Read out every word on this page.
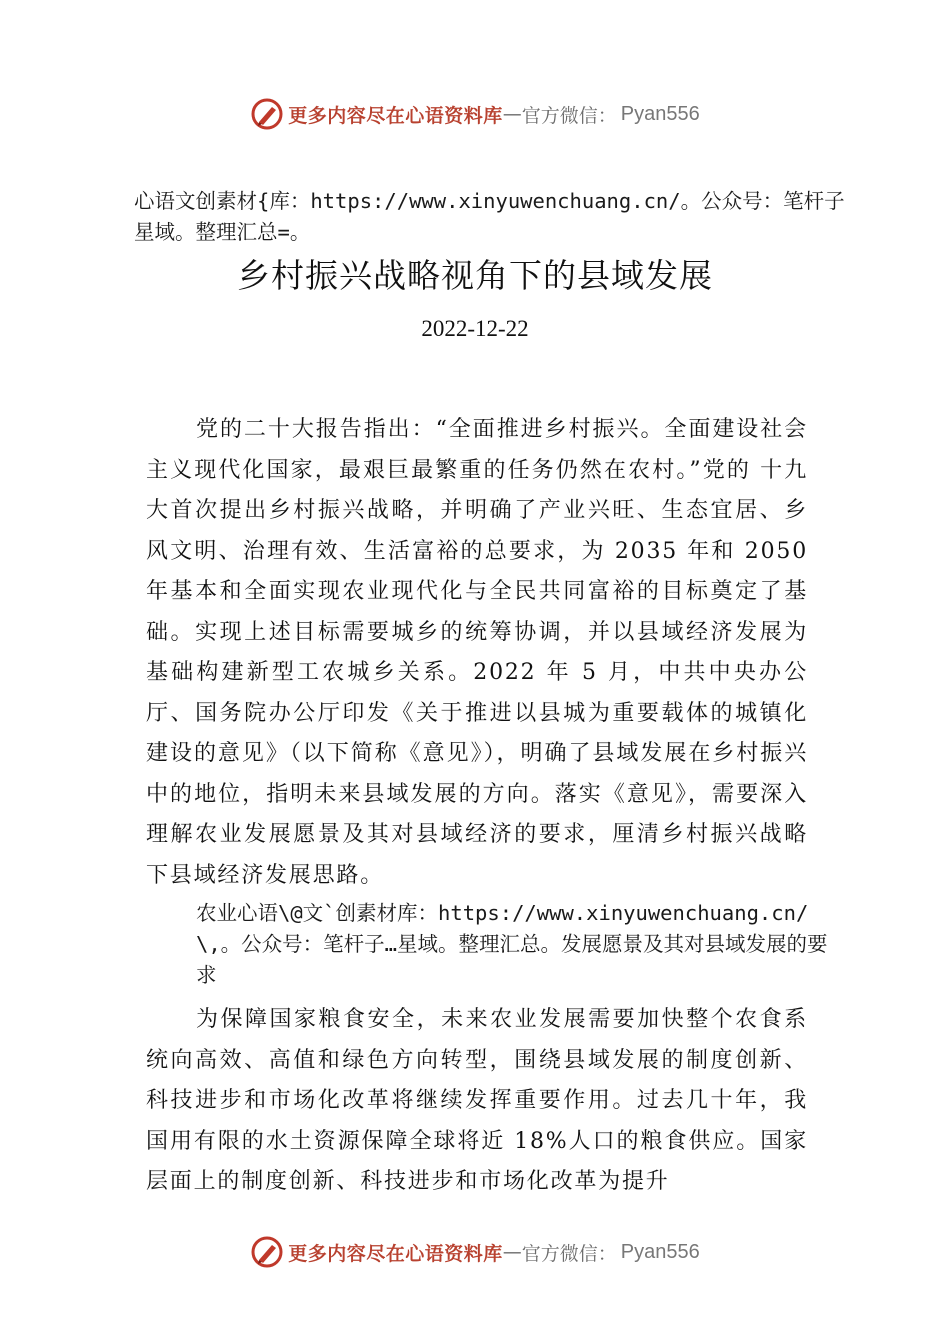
更多内容尽在心语资料库 — 官方微信： Pyan556
心语文创素材{库：https://www.xinyuwenchuang.cn/。公众号：笔杆子星域。整理汇总=。
乡村振兴战略视角下的县域发展
2022-12-22

党的二十大报告指出：“全面推进乡村振兴。全面建设社会主义现代化国家，最艰巨最繁重的任务仍然在农村。”党的 十九大首次提出乡村振兴战略，并明确了产业兴旺、生态宜居、乡风文明、治理有效、生活富裕的总要求，为 2035 年和 2050 年基本和全面实现农业现代化与全民共同富裕的目标奠定了基础。实现上述目标需要城乡的统筹协调，并以县域经济发展为基础构建新型工农城乡关系。2022 年 5 月，中共中央办公厅、国务院办公厅印发《关于推进以县城为重要载体的城镇化建设的意见》（以下简称《意见》），明确了县域发展在乡村振兴中的地位，指明未来县域发展的方向。落实《意见》，需要深入理解农业发展愿景及其对县域经济的要求，厘清乡村振兴战略下县域经济发展思路。

农业心语\@文`创素材库：https://www.xinyuwenchuang.cn/\,。公众号：笔杆子…星域。整理汇总。发展愿景及其对县域发展的要求

为保障国家粮食安全，未来农业发展需要加快整个农食系统向高效、高值和绿色方向转型，围绕县域发展的制度创新、科技进步和市场化改革将继续发挥重要作用。过去几十年，我国用有限的水土资源保障全球将近 18%人口的粮食供应。国家层面上的制度创新、科技进步和市场化改革为提升

更多内容尽在心语资料库 — 官方微信： Pyan556
